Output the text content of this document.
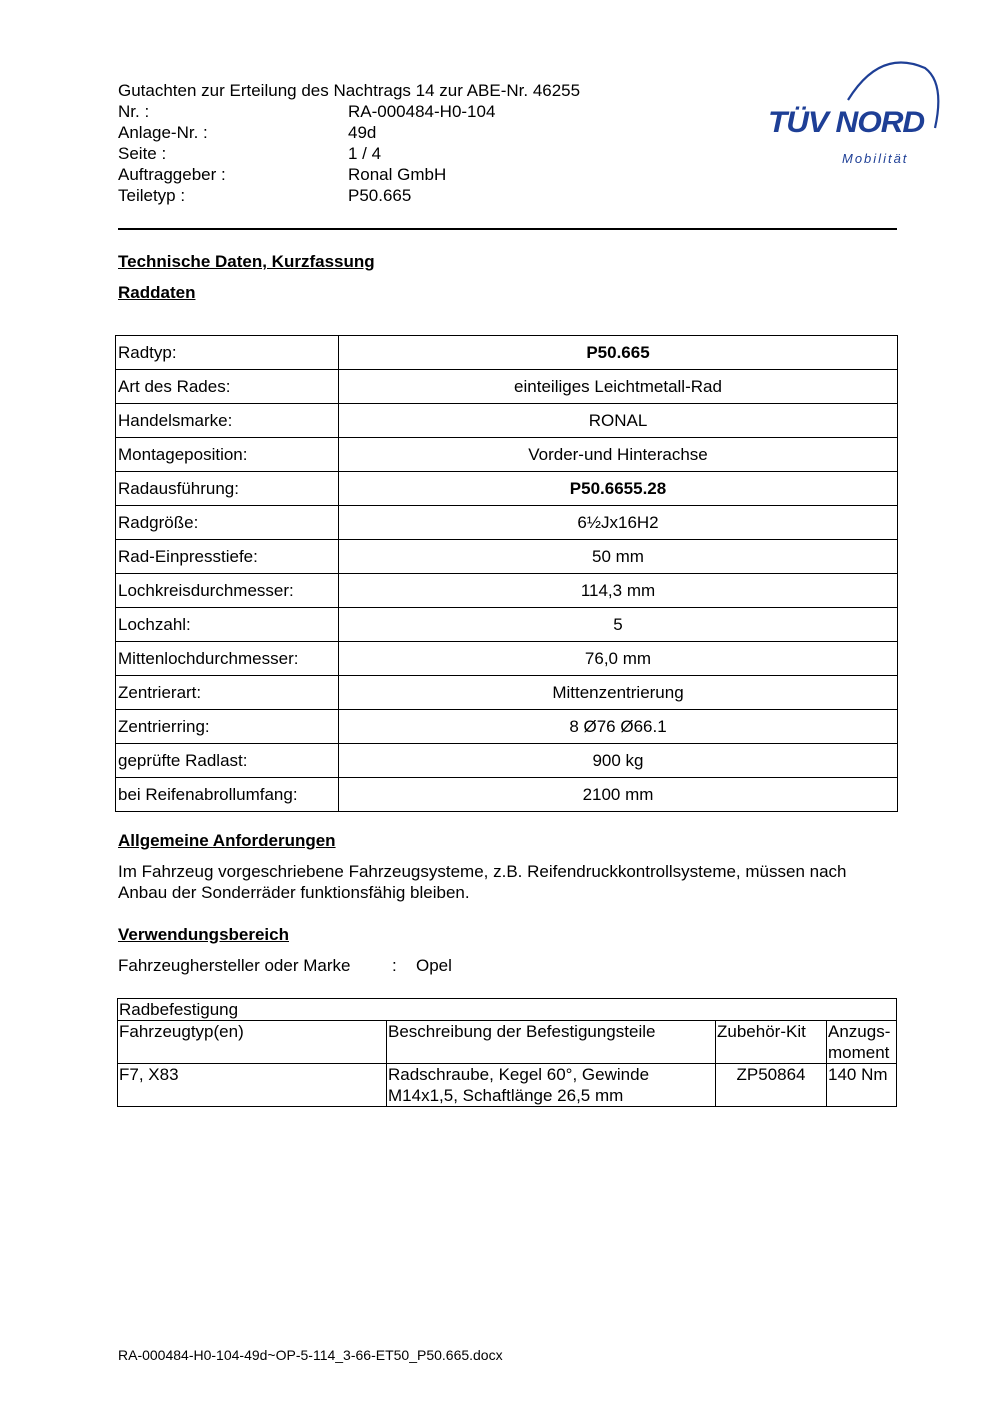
Gutachten zur Erteilung des Nachtrags 14 zur ABE-Nr. 46255
Nr. :	RA-000484-H0-104
Anlage-Nr. :	49d
Seite :	1 / 4
Auftraggeber :	Ronal GmbH
Teiletyp :	P50.665
TÜV NORD
Mobilität
Technische Daten, Kurzfassung
Raddaten
Radtyp:	P50.665
Art des Rades:	einteiliges Leichtmetall-Rad
Handelsmarke:	RONAL
Montageposition:	Vorder-und Hinterachse
Radausführung:	P50.6655.28
Radgröße:	6½Jx16H2
Rad-Einpresstiefe:	50 mm
Lochkreisdurchmesser:	114,3 mm
Lochzahl:	5
Mittenlochdurchmesser:	76,0 mm
Zentrierart:	Mittenzentrierung
Zentrierring:	8 Ø76 Ø66.1
geprüfte Radlast:	900 kg
bei Reifenabrollumfang:	2100 mm
Allgemeine Anforderungen
Im Fahrzeug vorgeschriebene Fahrzeugsysteme, z.B. Reifendruckkontrollsysteme, müssen nach Anbau der Sonderräder funktionsfähig bleiben.
Verwendungsbereich
Fahrzeughersteller oder Marke	:	Opel
Radbefestigung			
Fahrzeugtyp(en)	Beschreibung der Befestigungsteile	Zubehör-Kit	Anzugs-moment
F7, X83	Radschraube, Kegel 60°, Gewinde M14x1,5, Schaftlänge 26,5 mm	ZP50864	140 Nm
RA-000484-H0-104-49d~OP-5-114_3-66-ET50_P50.665.docx
